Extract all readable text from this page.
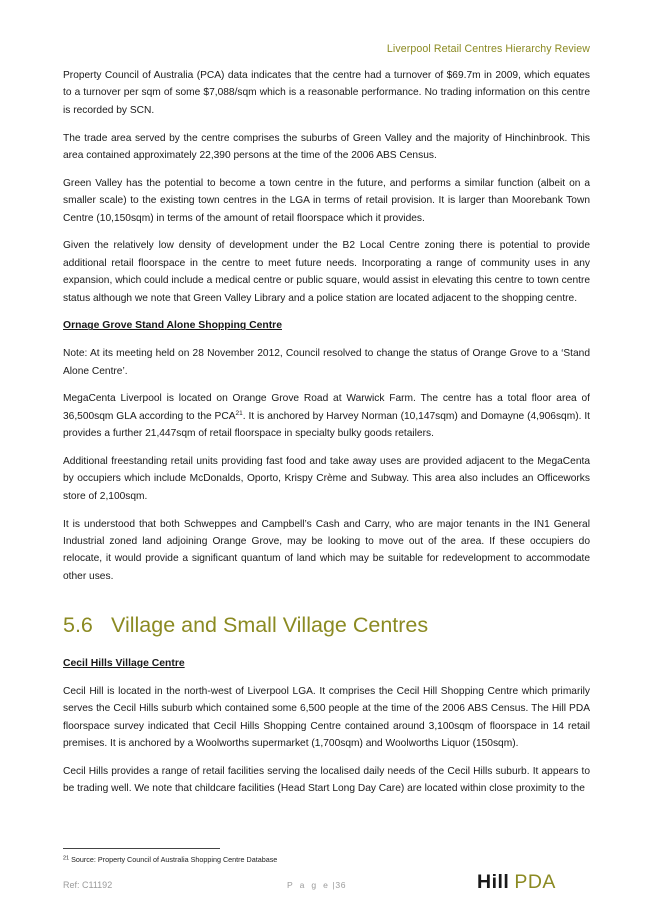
Liverpool Retail Centres Hierarchy Review

Property Council of Australia (PCA) data indicates that the centre had a turnover of $69.7m in 2009, which equates to a turnover per sqm of some $7,088/sqm which is a reasonable performance. No trading information on this centre is recorded by SCN.

The trade area served by the centre comprises the suburbs of Green Valley and the majority of Hinchinbrook. This area contained approximately 22,390 persons at the time of the 2006 ABS Census.

Green Valley has the potential to become a town centre in the future, and performs a similar function (albeit on a smaller scale) to the existing town centres in the LGA in terms of retail provision. It is larger than Moorebank Town Centre (10,150sqm) in terms of the amount of retail floorspace which it provides.

Given the relatively low density of development under the B2 Local Centre zoning there is potential to provide additional retail floorspace in the centre to meet future needs. Incorporating a range of community uses in any expansion, which could include a medical centre or public square, would assist in elevating this centre to town centre status although we note that Green Valley Library and a police station are located adjacent to the shopping centre.

Ornage Grove Stand Alone Shopping Centre

Note: At its meeting held on 28 November 2012, Council resolved to change the status of Orange Grove to a ‘Stand Alone Centre’.

MegaCenta Liverpool is located on Orange Grove Road at Warwick Farm. The centre has a total floor area of 36,500sqm GLA according to the PCA$^{21}$. It is anchored by Harvey Norman (10,147sqm) and Domayne (4,906sqm). It provides a further 21,447sqm of retail floorspace in specialty bulky goods retailers.

Additional freestanding retail units providing fast food and take away uses are provided adjacent to the MegaCenta by occupiers which include McDonalds, Oporto, Krispy Crème and Subway. This area also includes an Officeworks store of 2,100sqm.

It is understood that both Schweppes and Campbell’s Cash and Carry, who are major tenants in the IN1 General Industrial zoned land adjoining Orange Grove, may be looking to move out of the area. If these occupiers do relocate, it would provide a significant quantum of land which may be suitable for redevelopment to accommodate other uses.

5.6 Village and Small Village Centres

Cecil Hills Village Centre

Cecil Hill is located in the north-west of Liverpool LGA. It comprises the Cecil Hill Shopping Centre which primarily serves the Cecil Hills suburb which contained some 6,500 people at the time of the 2006 ABS Census. The Hill PDA floorspace survey indicated that Cecil Hills Shopping Centre contained around 3,100sqm of floorspace in 14 retail premises. It is anchored by a Woolworths supermarket (1,700sqm) and Woolworths Liquor (150sqm).

Cecil Hills provides a range of retail facilities serving the localised daily needs of the Cecil Hills suburb. It appears to be trading well. We note that childcare facilities (Head Start Long Day Care) are located within close proximity to the

$^{21}$ Source: Property Council of Australia Shopping Centre Database
Ref: C11192	P a g e |36	Hill PDA
